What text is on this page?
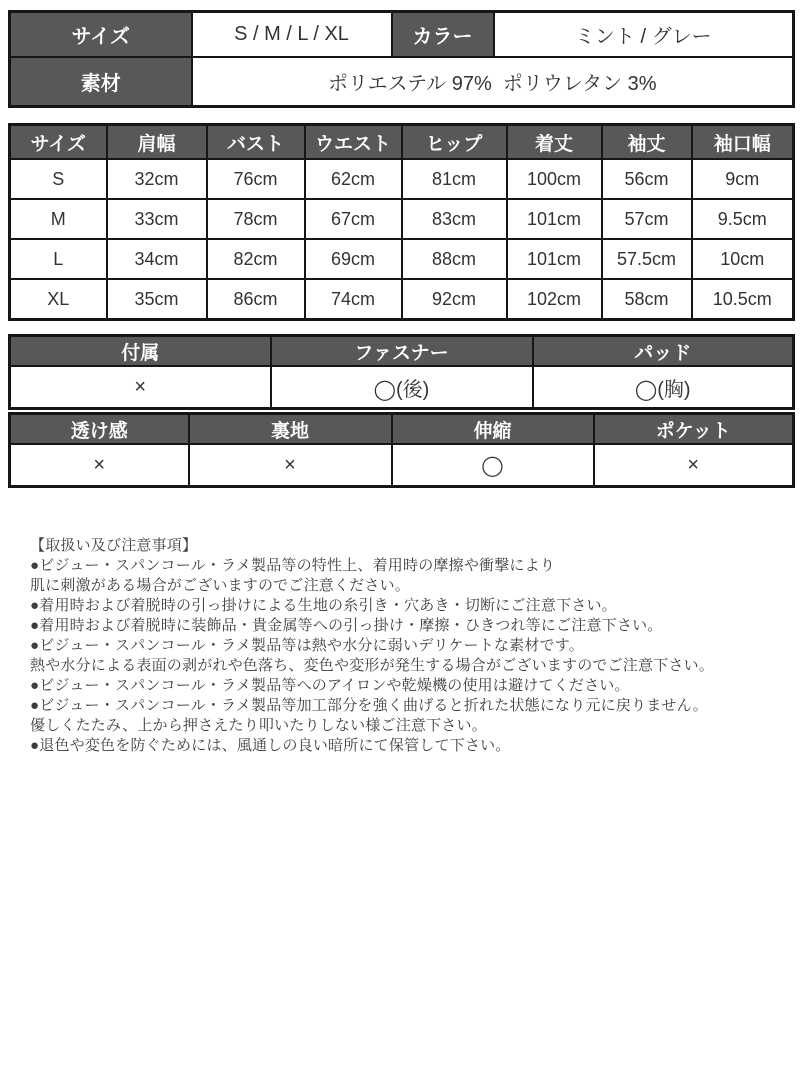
サイズ	S / M / L / XL	カラー	ミント / グレー
素材	ポリエステル 97%  ポリウレタン 3%		
サイズ	肩幅	バスト	ウエスト	ヒップ	着丈	袖丈	袖口幅
S	32cm	76cm	62cm	81cm	100cm	56cm	9cm
M	33cm	78cm	67cm	83cm	101cm	57cm	9.5cm
L	34cm	82cm	69cm	88cm	101cm	57.5cm	10cm
XL	35cm	86cm	74cm	92cm	102cm	58cm	10.5cm
付属	ファスナー	パッド
×	◯(後)	◯(胸)
透け感	裏地	伸縮	ポケット
×	×	◯	×
【取扱い及び注意事項】
●ビジュー・スパンコール・ラメ製品等の特性上、着用時の摩擦や衝撃により
肌に刺激がある場合がございますのでご注意ください。
●着用時および着脱時の引っ掛けによる生地の糸引き・穴あき・切断にご注意下さい。
●着用時および着脱時に装飾品・貴金属等への引っ掛け・摩擦・ひきつれ等にご注意下さい。
●ビジュー・スパンコール・ラメ製品等は熱や水分に弱いデリケートな素材です。
熱や水分による表面の剥がれや色落ち、変色や変形が発生する場合がございますのでご注意下さい。
●ビジュー・スパンコール・ラメ製品等へのアイロンや乾燥機の使用は避けてください。
●ビジュー・スパンコール・ラメ製品等加工部分を強く曲げると折れた状態になり元に戻りません。
優しくたたみ、上から押さえたり叩いたりしない様ご注意下さい。
●退色や変色を防ぐためには、風通しの良い暗所にて保管して下さい。
